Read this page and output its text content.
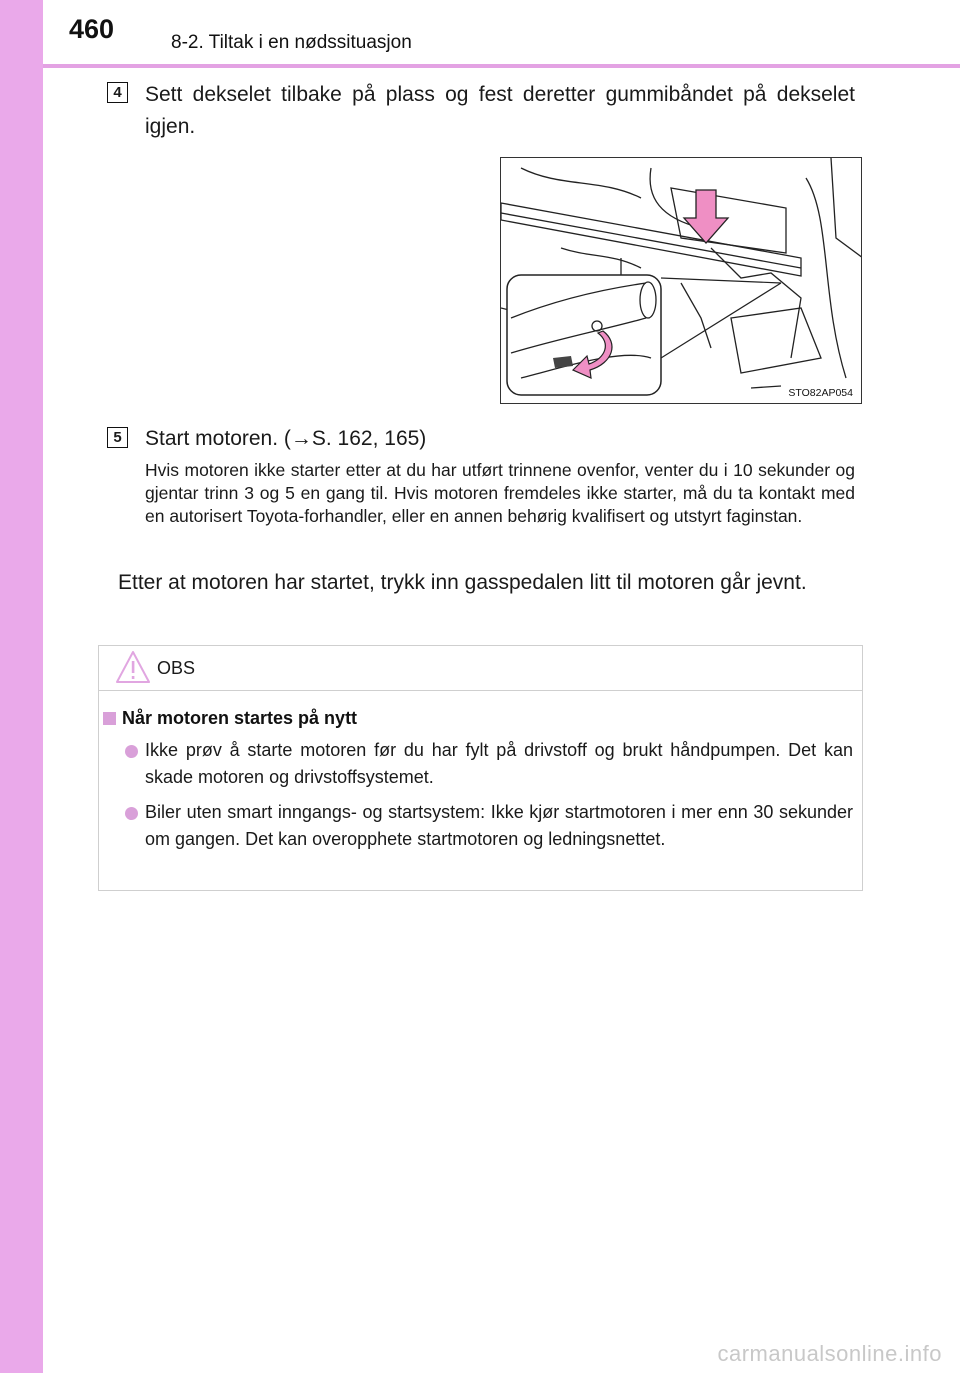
460	8-2. Tiltak i en nødssituasjon
4	Sett dekselet tilbake på plass og fest deretter gummibåndet på dekselet igjen.
STO82AP054
5	Start motoren. (→S. 162, 165)
Hvis motoren ikke starter etter at du har utført trinnene ovenfor, venter du i 10 sekunder og gjentar trinn 3 og 5 en gang til. Hvis motoren fremdeles ikke starter, må du ta kontakt med en autorisert Toyota-forhandler, eller en annen behørig kvalifisert og utstyrt faginstan.
Etter at motoren har startet, trykk inn gasspedalen litt til motoren går jevnt.
OBS
Når motoren startes på nytt
Ikke prøv å starte motoren før du har fylt på drivstoff og brukt håndpumpen. Det kan skade motoren og drivstoffsystemet.
Biler uten smart inngangs- og startsystem: Ikke kjør startmotoren i mer enn 30 sekunder om gangen. Det kan overopphete startmotoren og ledningsnettet.
carmanualsonline.info
